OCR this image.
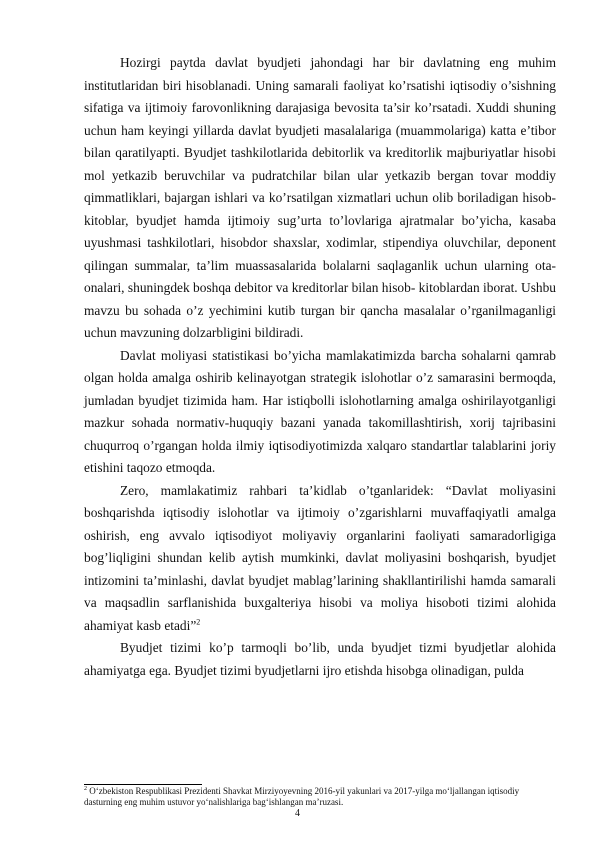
Hozirgi paytda davlat byudjeti jahondagi har bir davlatning eng muhim institutlaridan biri hisoblanadi. Uning samarali faoliyat ko’rsatishi iqtisodiy o’sishning sifatiga va ijtimoiy farovonlikning darajasiga bevosita ta’sir ko’rsatadi. Xuddi shuning uchun ham keyingi yillarda davlat byudjeti masalalariga (muammolariga) katta e’tibor bilan qaratilyapti. Byudjet tashkilotlarida debitorlik va kreditorlik majburiyatlar hisobi mol yetkazib beruvchilar va pudratchilar bilan ular yetkazib bergan tovar moddiy qimmatliklari, bajargan ishlari va ko’rsatilgan xizmatlari uchun olib boriladigan hisob-kitoblar, byudjet hamda ijtimoiy sug’urta to’lovlariga ajratmalar bo’yicha, kasaba uyushmasi tashkilotlari, hisobdor shaxslar, xodimlar, stipendiya oluvchilar, deponent qilingan summalar, ta’lim muassasalarida bolalarni saqlaganlik uchun ularning ota-onalari, shuningdek boshqa debitor va kreditorlar bilan hisob- kitoblardan iborat. Ushbu mavzu bu sohada o’z yechimini kutib turgan bir qancha masalalar o’rganilmaganligi uchun mavzuning dolzarbligini bildiradi.

Davlat moliyasi statistikasi bo’yicha mamlakatimizda barcha sohalarni qamrab olgan holda amalga oshirib kelinayotgan strategik islohotlar o’z samarasini bermoqda, jumladan byudjet tizimida ham. Har istiqbolli islohotlarning amalga oshirilayotganligi mazkur sohada normativ-huquqiy bazani yanada takomillashtirish, xorij tajribasini chuqurroq o’rgangan holda ilmiy iqtisodiyotimizda xalqaro standartlar talablarini joriy etishini taqozo etmoqda.

Zero, mamlakatimiz rahbari ta’kidlab o’tganlaridek: “Davlat moliyasini boshqarishda iqtisodiy islohotlar va ijtimoiy o’zgarishlarni muvaffaqiyatli amalga oshirish, eng avvalo iqtisodiyot moliyaviy organlarini faoliyati samaradorligiga bog’liqligini shundan kelib aytish mumkinki, davlat moliyasini boshqarish, byudjet intizomini ta’minlashi, davlat byudjet mablag’larining shakllantirilishi hamda samarali va maqsadlin sarflanishida buxgalteriya hisobi va moliya hisoboti tizimi alohida ahamiyat kasb etadi”$^2$

Byudjet tizimi ko’p tarmoqli bo’lib, unda byudjet tizmi byudjetlar alohida ahamiyatga ega. Byudjet tizimi byudjetlarni ijro etishda hisobga olinadigan, pulda

$^2$ O‘zbekiston Respublikasi Prezidenti Shavkat Mirziyoyevning 2016-yil yakunlari va 2017-yilga mo‘ljallangan iqtisodiy dasturning eng muhim ustuvor yo‘nalishlariga bag‘ishlangan ma’ruzasi.
4
